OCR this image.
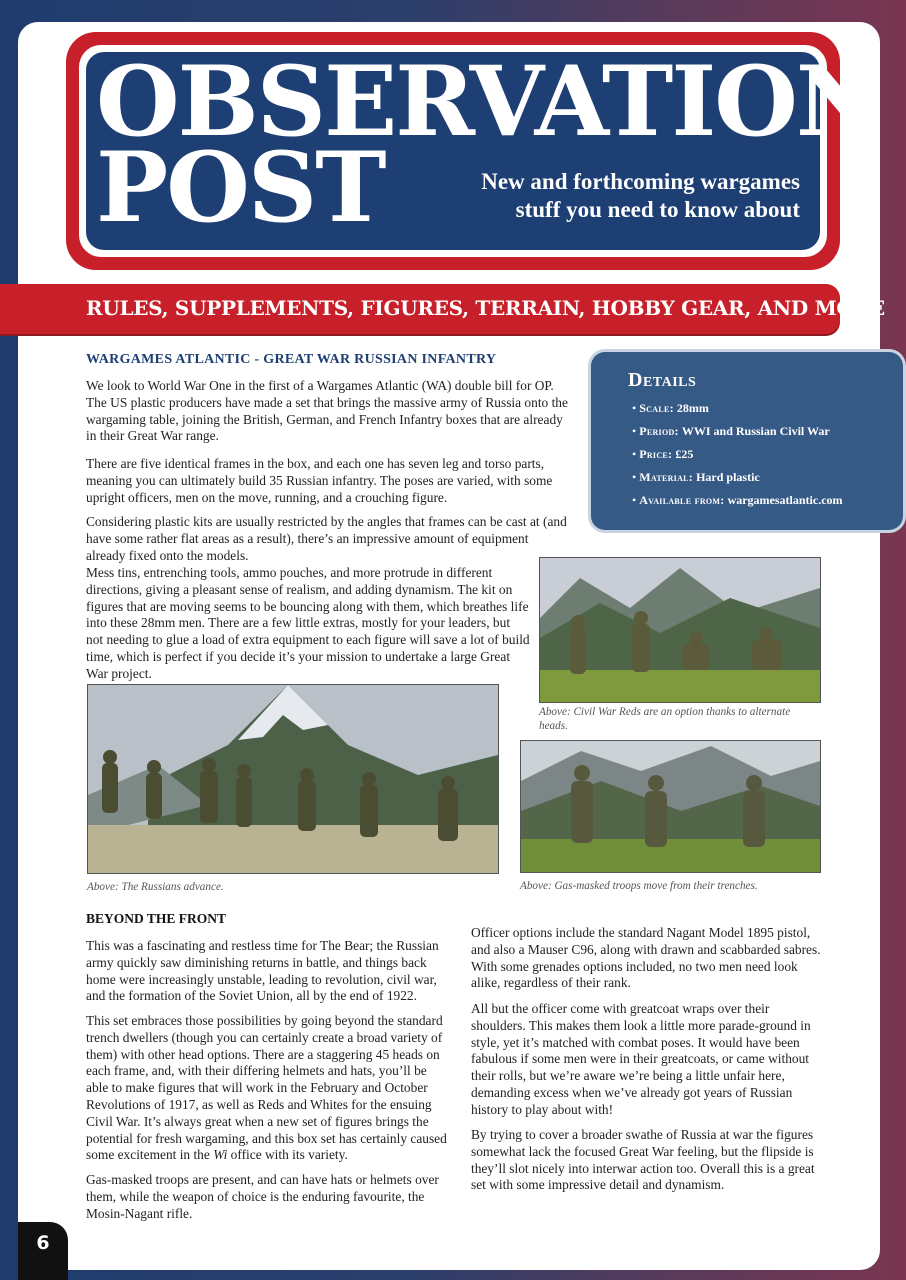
OBSERVATION
POST	New and forthcoming wargames
stuff you need to know about
RULES, SUPPLEMENTS, FIGURES, TERRAIN, HOBBY GEAR, AND MORE
WARGAMES ATLANTIC - GREAT WAR RUSSIAN INFANTRY

We look to World War One in the first of a Wargames Atlantic (WA) double bill for OP. The US plastic producers have made a set that brings the massive army of Russia onto the wargaming table, joining the British, German, and French Infantry boxes that are already in their Great War range.

There are five identical frames in the box, and each one has seven leg and torso parts, meaning you can ultimately build 35 Russian infantry. The poses are varied, with some upright officers, men on the move, running, and a crouching figure.

Considering plastic kits are usually restricted by the angles that frames can be cast at (and have some rather flat areas as a result), there’s an impressive amount of equipment already fixed onto the models.

Mess tins, entrenching tools, ammo pouches, and more protrude in different directions, giving a pleasant sense of realism, and adding dynamism. The kit on figures that are moving seems to be bouncing along with them, which breathes life into these 28mm men. There are a few little extras, mostly for your leaders, but not needing to glue a load of extra equipment to each figure will save a lot of build time, which is perfect if you decide it’s your mission to undertake a large Great War project.

Details
• Scale: 28mm
• Period: WWI and Russian Civil War
• Price: £25
• Material: Hard plastic
• Available from: wargamesatlantic.com
Above: Civil War Reds are an option thanks to alternate heads.
Above: The Russians advance.	Above: Gas-masked troops move from their trenches.
BEYOND THE FRONT

This was a fascinating and restless time for The Bear; the Russian army quickly saw diminishing returns in battle, and things back home were increasingly unstable, leading to revolution, civil war, and the formation of the Soviet Union, all by the end of 1922.

This set embraces those possibilities by going beyond the standard trench dwellers (though you can certainly create a broad variety of them) with other head options. There are a staggering 45 heads on each frame, and, with their differing helmets and hats, you’ll be able to make figures that will work in the February and October Revolutions of 1917, as well as Reds and Whites for the ensuing Civil War. It’s always great when a new set of figures brings the potential for fresh wargaming, and this box set has certainly caused some excitement in the Wi office with its variety.

Gas-masked troops are present, and can have hats or helmets over them, while the weapon of choice is the enduring favourite, the Mosin-Nagant rifle.

Officer options include the standard Nagant Model 1895 pistol, and also a Mauser C96, along with drawn and scabbarded sabres. With some grenades options included, no two men need look alike, regardless of their rank.

All but the officer come with greatcoat wraps over their shoulders. This makes them look a little more parade-ground in style, yet it’s matched with combat poses. It would have been fabulous if some men were in their greatcoats, or came without their rolls, but we’re aware we’re being a little unfair here, demanding excess when we’ve already got years of Russian history to play about with!

By trying to cover a broader swathe of Russia at war the figures somewhat lack the focused Great War feeling, but the flipside is they’ll slot nicely into interwar action too. Overall this is a great set with some impressive detail and dynamism.

6
